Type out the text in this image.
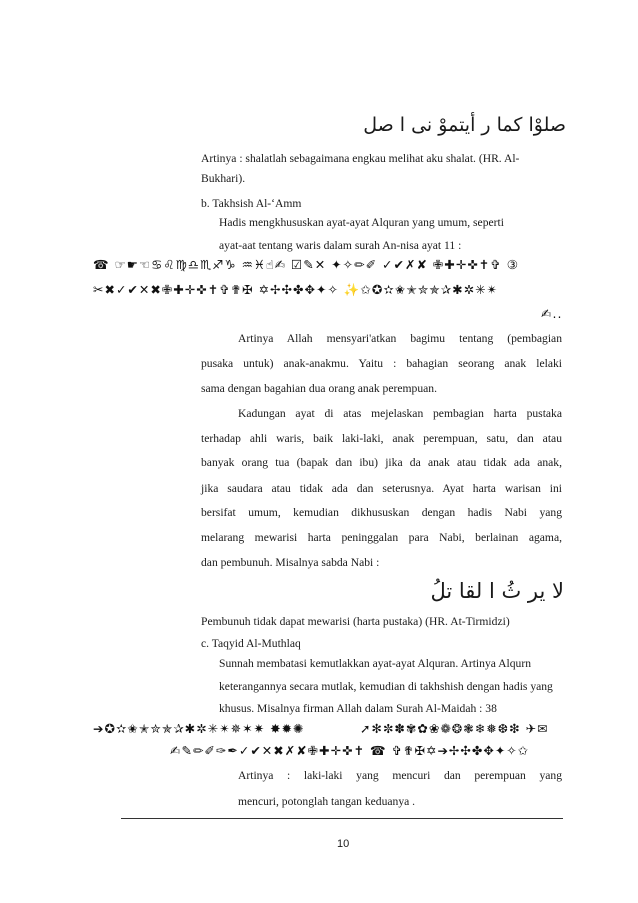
صلوْا كما ر أيتموْ نى ا صل
Artinya : shalatlah sebagaimana engkau melihat aku shalat. (HR. Al-
Bukhari).
b. Takhsish Al-‘Amm
Hadis mengkhususkan ayat-ayat Alquran yang umum, seperti
ayat-aat tentang waris dalam surah An-nisa ayat 11 :
☎ ☞☛☜♋♌♍♎♏♐♑ ♒♓☝✍ ☑✎✕ ✦✧✏✐ ✓✔✗✘ ✙✚✛✜✝✞ ③
✂✖✓✔✕✖✙✚✛✜✝✞✟✠ ✡✢✣✤✥✦✧ ✨✩✪✫✬✭✮✯✰✱✲✳✴
✍..
Artinya Allah mensyari'atkan bagimu tentang (pembagian
pusaka untuk) anak-anakmu. Yaitu : bahagian seorang anak lelaki
sama dengan bagahian dua orang anak perempuan.
Kadungan ayat di atas mejelaskan pembagian harta pustaka
terhadap ahli waris, baik laki-laki, anak perempuan, satu, dan atau
banyak orang tua (bapak dan ibu) jika da anak atau tidak ada anak,
jika saudara atau tidak ada dan seterusnya. Ayat harta warisan ini
bersifat umum, kemudian dikhususkan dengan hadis Nabi yang
melarang mewarisi harta peninggalan para Nabi, berlainan agama,
dan pembunuh. Misalnya sabda Nabi :
لا ير ثُ ا لقا تلُ
Pembunuh tidak dapat mewarisi (harta pustaka) (HR. At-Tirmidzi)
c. Taqyid Al-Muthlaq
Sunnah membatasi kemutlakkan ayat-ayat Alquran. Artinya Alqurn
keterangannya secara mutlak, kemudian di takhshish dengan hadis yang
khusus. Misalnya firman Allah dalam Surah Al-Maidah : 38
➔✪✫✬✭✮✯✰✱✲✳✴✵✶✷ ✸✹✺	➚✻✼✽✾✿❀❁❂❃❄❅❆❇ ✈✉
✍✎✏✐✑✒✓✔✕✖✗✘✙✚✛✜✝ ☎ ✞✟✠✡➔✢✣✤✥✦✧✩
Artinya : laki-laki yang mencuri dan perempuan yang
mencuri, potonglah tangan keduanya .
10
